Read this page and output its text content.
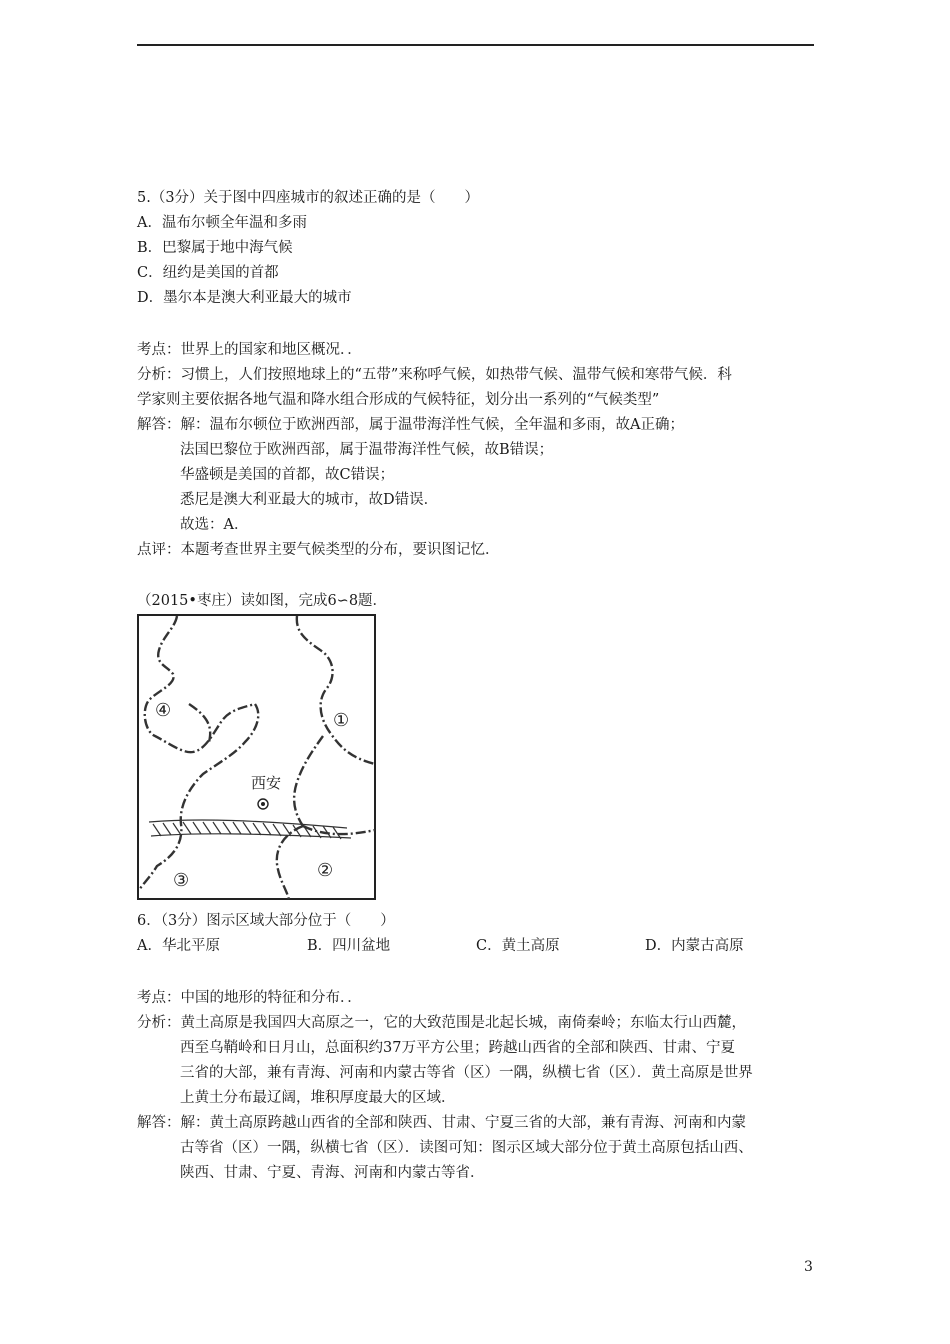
5.（3分）关于图中四座城市的叙述正确的是（　　）
A．温布尔顿全年温和多雨
B．巴黎属于地中海气候
C．纽约是美国的首都
D．墨尔本是澳大利亚最大的城市
考点：世界上的国家和地区概况．．
分析：习惯上，人们按照地球上的“五带”来称呼气候，如热带气候、温带气候和寒带气候．科
学家则主要依据各地气温和降水组合形成的气候特征，划分出一系列的“气候类型”
解答：解：温布尔顿位于欧洲西部，属于温带海洋性气候，全年温和多雨，故A正确；
法国巴黎位于欧洲西部，属于温带海洋性气候，故B错误；
华盛顿是美国的首都，故C错误；
悉尼是澳大利亚最大的城市，故D错误．
故选：A．
点评：本题考查世界主要气候类型的分布，要识图记忆．
（2015•枣庄）读如图，完成6∽8题．
西安
④	①
②
③
6．（3分）图示区域大部分位于（　　）
A．华北平原	B．四川盆地	C．黄土高原	D．内蒙古高原
考点：中国的地形的特征和分布．．
分析：黄土高原是我国四大高原之一，它的大致范围是北起长城，南倚秦岭；东临太行山西麓，
西至乌鞘岭和日月山，总面积约37万平方公里；跨越山西省的全部和陕西、甘肃、宁夏
三省的大部，兼有青海、河南和内蒙古等省（区）一隅，纵横七省（区）．黄土高原是世界
上黄土分布最辽阔，堆积厚度最大的区域．
解答：解：黄土高原跨越山西省的全部和陕西、甘肃、宁夏三省的大部，兼有青海、河南和内蒙
古等省（区）一隅，纵横七省（区）．读图可知：图示区域大部分位于黄土高原包括山西、
陕西、甘肃、宁夏、青海、河南和内蒙古等省．
3
